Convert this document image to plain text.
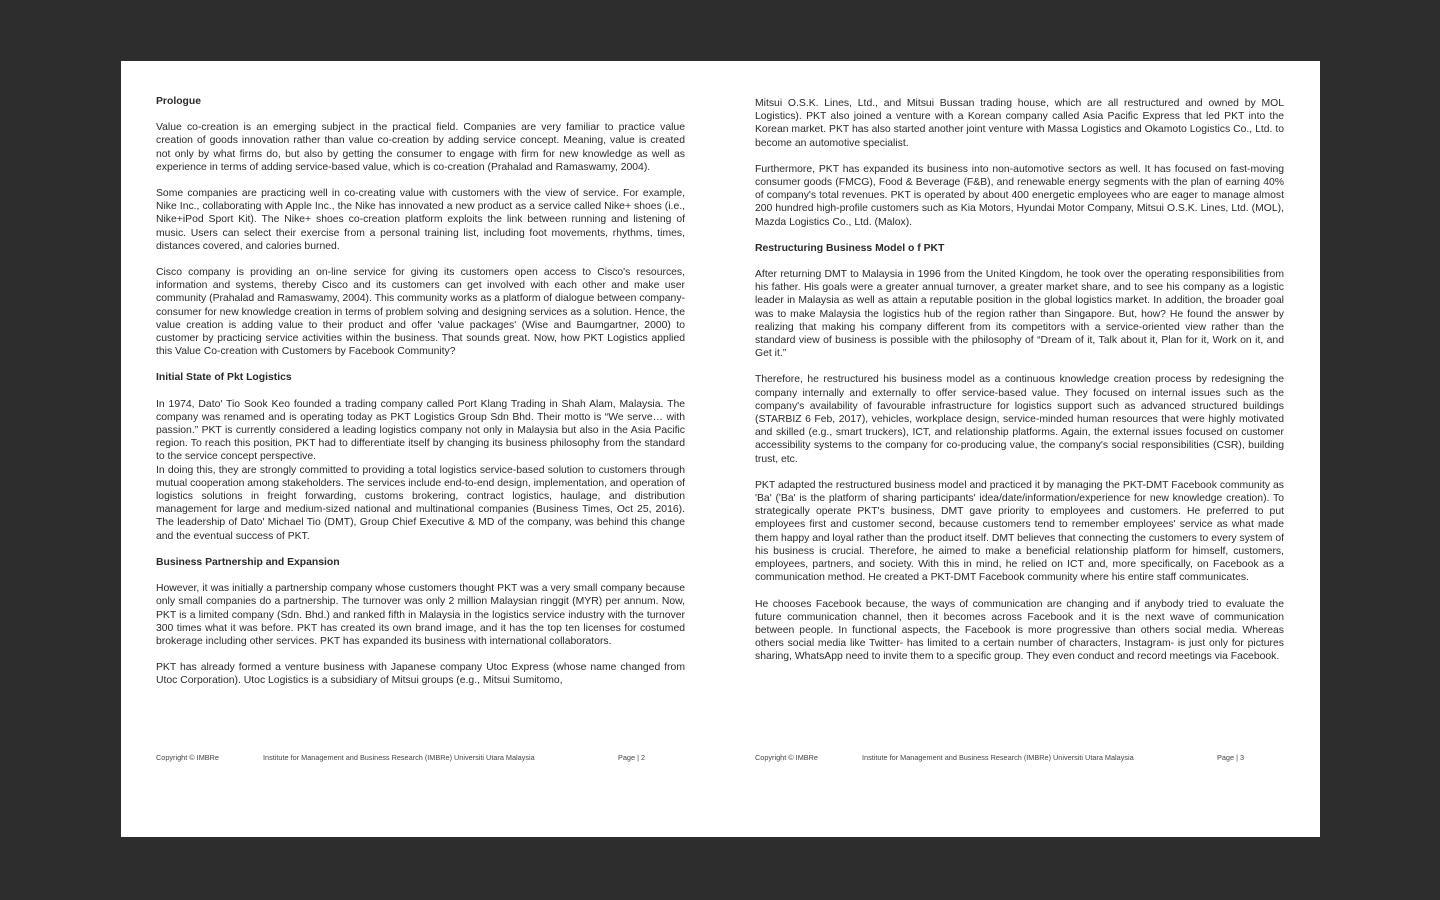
Prologue

Value co-creation is an emerging subject in the practical field. Companies are very familiar to practice value creation of goods innovation rather than value co-creation by adding service concept. Meaning, value is created not only by what firms do, but also by getting the consumer to engage with firm for new knowledge as well as experience in terms of adding service-based value, which is co-creation (Prahalad and Ramaswamy, 2004).

Some companies are practicing well in co-creating value with customers with the view of service. For example, Nike Inc., collaborating with Apple Inc., the Nike has innovated a new product as a service called Nike+ shoes (i.e., Nike+iPod Sport Kit). The Nike+ shoes co-creation platform exploits the link between running and listening of music. Users can select their exercise from a personal training list, including foot movements, rhythms, times, distances covered, and calories burned.

Cisco company is providing an on-line service for giving its customers open access to Cisco's resources, information and systems, thereby Cisco and its customers can get involved with each other and make user community (Prahalad and Ramaswamy, 2004). This community works as a platform of dialogue between company-consumer for new knowledge creation in terms of problem solving and designing services as a solution. Hence, the value creation is adding value to their product and offer 'value packages' (Wise and Baumgartner, 2000) to customer by practicing service activities within the business. That sounds great. Now, how PKT Logistics applied this Value Co-creation with Customers by Facebook Community?

Initial State of Pkt Logistics

In 1974, Dato' Tio Sook Keo founded a trading company called Port Klang Trading in Shah Alam, Malaysia. The company was renamed and is operating today as PKT Logistics Group Sdn Bhd. Their motto is “We serve… with passion.” PKT is currently considered a leading logistics company not only in Malaysia but also in the Asia Pacific region. To reach this position, PKT had to differentiate itself by changing its business philosophy from the standard to the service concept perspective.

In doing this, they are strongly committed to providing a total logistics service-based solution to customers through mutual cooperation among stakeholders. The services include end-to-end design, implementation, and operation of logistics solutions in freight forwarding, customs brokering, contract logistics, haulage, and distribution management for large and medium-sized national and multinational companies (Business Times, Oct 25, 2016). The leadership of Dato' Michael Tio (DMT), Group Chief Executive & MD of the company, was behind this change and the eventual success of PKT.

Business Partnership and Expansion

However, it was initially a partnership company whose customers thought PKT was a very small company because only small companies do a partnership. The turnover was only 2 million Malaysian ringgit (MYR) per annum. Now, PKT is a limited company (Sdn. Bhd.) and ranked fifth in Malaysia in the logistics service industry with the turnover 300 times what it was before. PKT has created its own brand image, and it has the top ten licenses for costumed brokerage including other services. PKT has expanded its business with international collaborators.

PKT has already formed a venture business with Japanese company Utoc Express (whose name changed from Utoc Corporation). Utoc Logistics is a subsidiary of Mitsui groups (e.g., Mitsui Sumitomo,

Copyright © IMBRe	Institute for Management and Business Research (IMBRe) Universiti Utara Malaysia	Page | 2

Mitsui O.S.K. Lines, Ltd., and Mitsui Bussan trading house, which are all restructured and owned by MOL Logistics). PKT also joined a venture with a Korean company called Asia Pacific Express that led PKT into the Korean market. PKT has also started another joint venture with Massa Logistics and Okamoto Logistics Co., Ltd. to become an automotive specialist.

Furthermore, PKT has expanded its business into non-automotive sectors as well. It has focused on fast-moving consumer goods (FMCG), Food & Beverage (F&B), and renewable energy segments with the plan of earning 40% of company's total revenues. PKT is operated by about 400 energetic employees who are eager to manage almost 200 hundred high-profile customers such as Kia Motors, Hyundai Motor Company, Mitsui O.S.K. Lines, Ltd. (MOL), Mazda Logistics Co., Ltd. (Malox).

Restructuring Business Model o f PKT

After returning DMT to Malaysia in 1996 from the United Kingdom, he took over the operating responsibilities from his father. His goals were a greater annual turnover, a greater market share, and to see his company as a logistic leader in Malaysia as well as attain a reputable position in the global logistics market. In addition, the broader goal was to make Malaysia the logistics hub of the region rather than Singapore. But, how? He found the answer by realizing that making his company different from its competitors with a service-oriented view rather than the standard view of business is possible with the philosophy of “Dream of it, Talk about it, Plan for it, Work on it, and Get it.”

Therefore, he restructured his business model as a continuous knowledge creation process by redesigning the company internally and externally to offer service-based value. They focused on internal issues such as the company's availability of favourable infrastructure for logistics support such as advanced structured buildings (STARBIZ 6 Feb, 2017), vehicles, workplace design, service-minded human resources that were highly motivated and skilled (e.g., smart truckers), ICT, and relationship platforms. Again, the external issues focused on customer accessibility systems to the company for co-producing value, the company's social responsibilities (CSR), building trust, etc.

PKT adapted the restructured business model and practiced it by managing the PKT-DMT Facebook community as 'Ba' ('Ba' is the platform of sharing participants' idea/date/information/experience for new knowledge creation). To strategically operate PKT's business, DMT gave priority to employees and customers. He preferred to put employees first and customer second, because customers tend to remember employees' service as what made them happy and loyal rather than the product itself. DMT believes that connecting the customers to every system of his business is crucial. Therefore, he aimed to make a beneficial relationship platform for himself, customers, employees, partners, and society. With this in mind, he relied on ICT and, more specifically, on Facebook as a communication method. He created a PKT-DMT Facebook community where his entire staff communicates.

He chooses Facebook because, the ways of communication are changing and if anybody tried to evaluate the future communication channel, then it becomes across Facebook and it is the next wave of communication between people. In functional aspects, the Facebook is more progressive than others social media. Whereas others social media like Twitter- has limited to a certain number of characters, Instagram- is just only for pictures sharing, WhatsApp need to invite them to a specific group. They even conduct and record meetings via Facebook.

Copyright © IMBRe	Institute for Management and Business Research (IMBRe) Universiti Utara Malaysia	Page | 3
